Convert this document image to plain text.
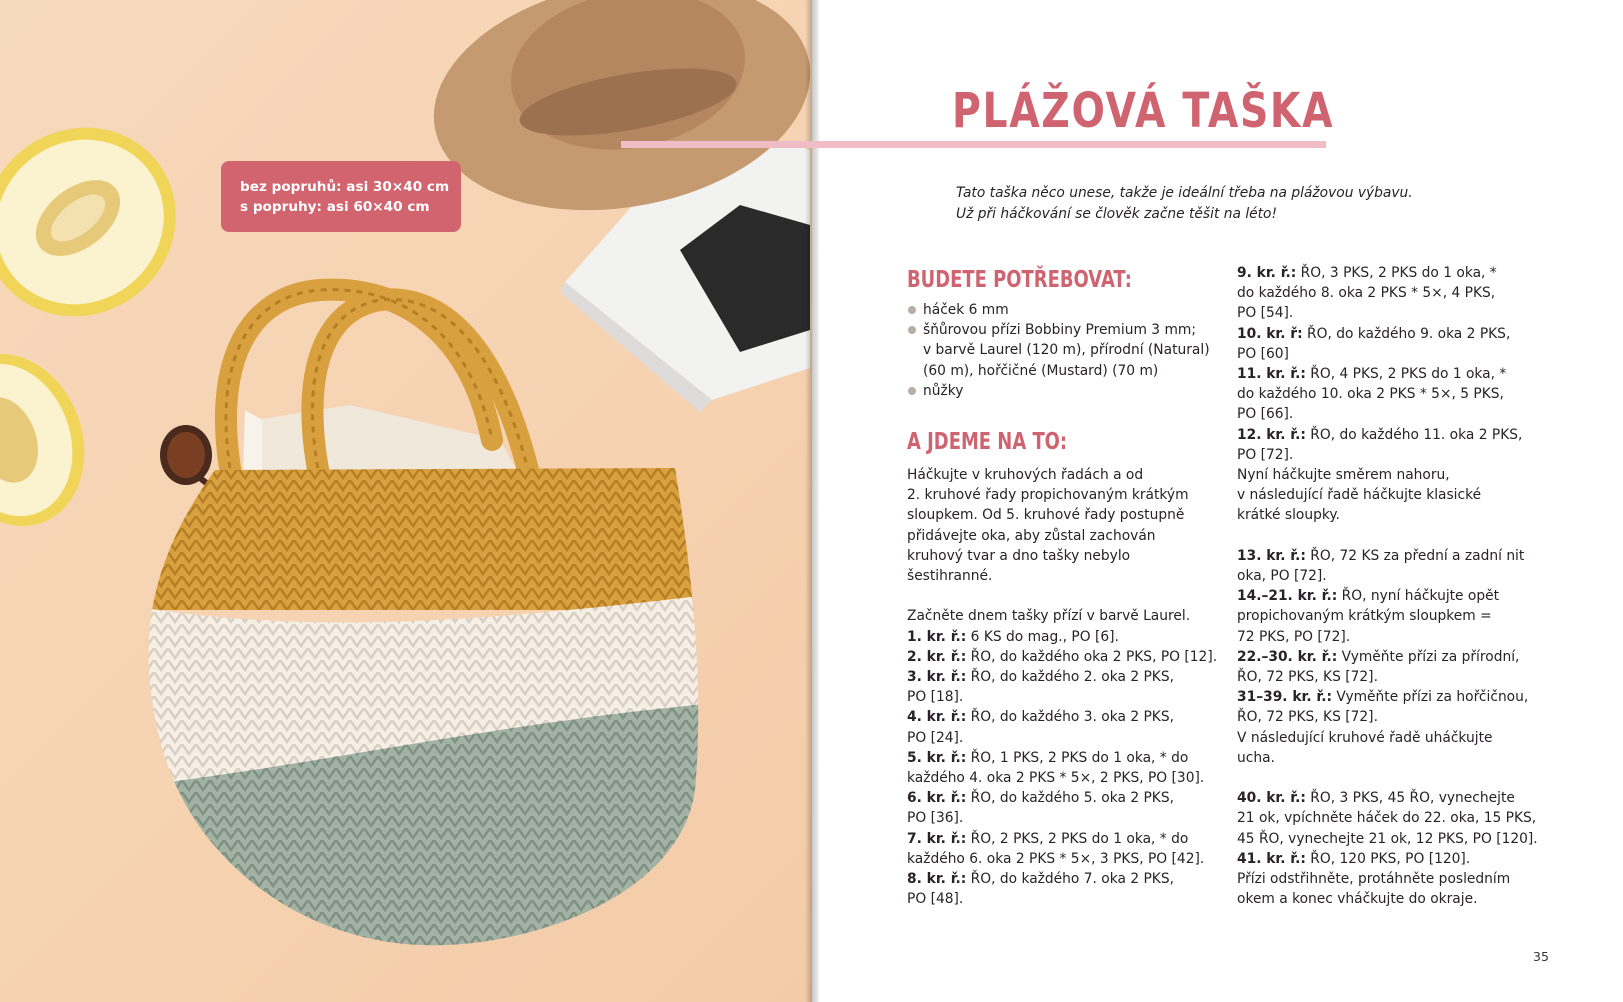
bez popruhů: asi 30×40 cm
s popruhy: asi 60×40 cm
PLÁŽOVÁ TAŠKA
Tato taška něco unese, takže je ideální třeba na plážovou výbavu.
Už při háčkování se člověk začne těšit na léto!
BUDETE POTŘEBOVAT:
háček 6 mm
šňůrovou přízi Bobbiny Premium 3 mm;
v barvě Laurel (120 m), přírodní (Natural)
(60 m), hořčičné (Mustard) (70 m)
nůžky
A JDEME NA TO:

Háčkujte v kruhových řadách a od

2. kruhové řady propichovaným krátkým

sloupkem. Od 5. kruhové řady postupně

přidávejte oka, aby zůstal zachován

kruhový tvar a dno tašky nebylo

šestihranné.

Začněte dnem tašky přízí v barvě Laurel.

1. kr. ř.: 6 KS do mag., PO [6].

2. kr. ř.: ŘO, do každého oka 2 PKS, PO [12].

3. kr. ř.: ŘO, do každého 2. oka 2 PKS,

PO [18].

4. kr. ř.: ŘO, do každého 3. oka 2 PKS,

PO [24].

5. kr. ř.: ŘO, 1 PKS, 2 PKS do 1 oka, * do

každého 4. oka 2 PKS * 5×, 2 PKS, PO [30].

6. kr. ř.: ŘO, do každého 5. oka 2 PKS,

PO [36].

7. kr. ř.: ŘO, 2 PKS, 2 PKS do 1 oka, * do

každého 6. oka 2 PKS * 5×, 3 PKS, PO [42].

8. kr. ř.: ŘO, do každého 7. oka 2 PKS,

PO [48].

9. kr. ř.: ŘO, 3 PKS, 2 PKS do 1 oka, *

do každého 8. oka 2 PKS * 5×, 4 PKS,

PO [54].

10. kr. ř: ŘO, do každého 9. oka 2 PKS,

PO [60]

11. kr. ř.: ŘO, 4 PKS, 2 PKS do 1 oka, *

do každého 10. oka 2 PKS * 5×, 5 PKS,

PO [66].

12. kr. ř.: ŘO, do každého 11. oka 2 PKS,

PO [72].

Nyní háčkujte směrem nahoru,

v následující řadě háčkujte klasické

krátké sloupky.

13. kr. ř.: ŘO, 72 KS za přední a zadní nit

oka, PO [72].

14.–21. kr. ř.: ŘO, nyní háčkujte opět

propichovaným krátkým sloupkem =

72 PKS, PO [72].

22.–30. kr. ř.: Vyměňte přízi za přírodní,

ŘO, 72 PKS, KS [72].

31–39. kr. ř.: Vyměňte přízi za hořčičnou,

ŘO, 72 PKS, KS [72].

V následující kruhové řadě uháčkujte

ucha.

40. kr. ř.: ŘO, 3 PKS, 45 ŘO, vynechejte

21 ok, vpíchněte háček do 22. oka, 15 PKS,

45 ŘO, vynechejte 21 ok, 12 PKS, PO [120].

41. kr. ř.: ŘO, 120 PKS, PO [120].

Přízi odstřihněte, protáhněte posledním

okem a konec vháčkujte do okraje.

35
